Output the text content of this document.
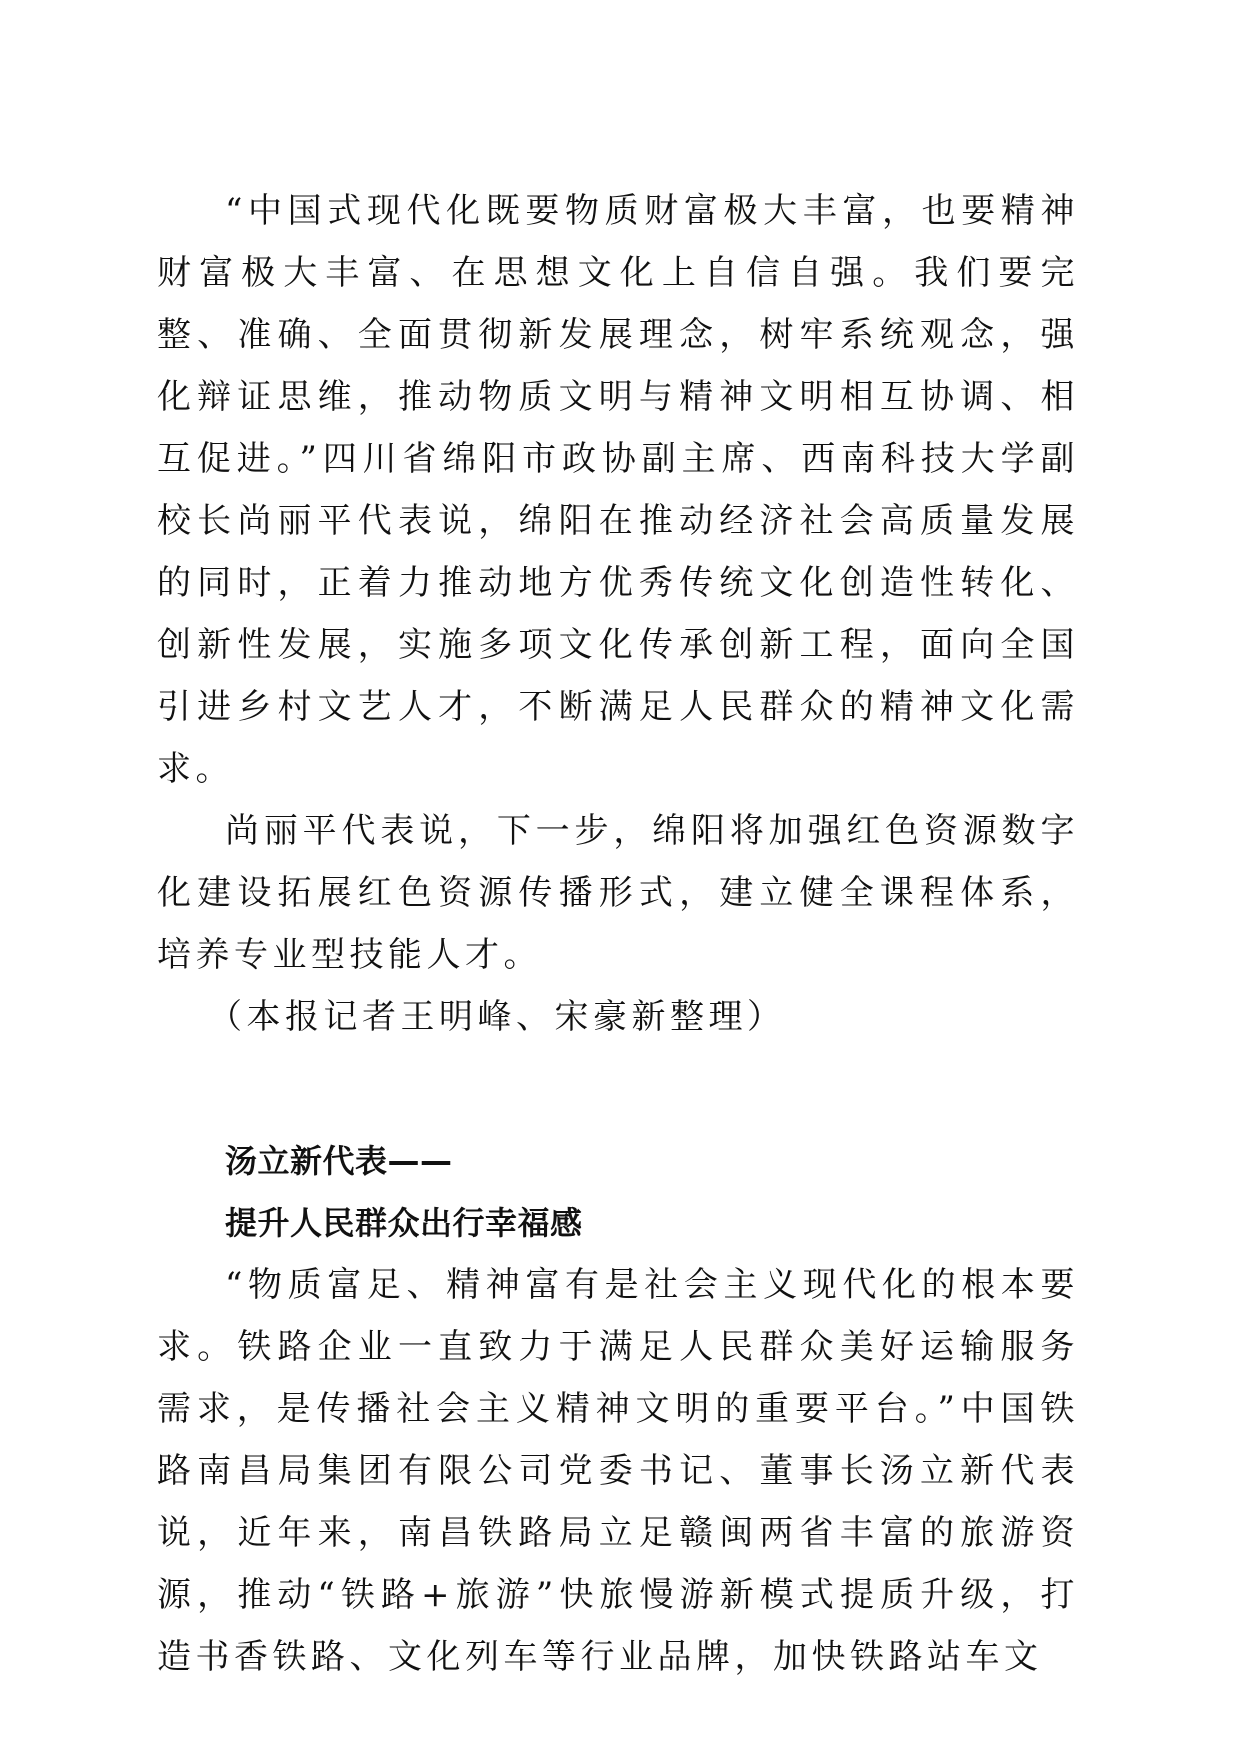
“中国式现代化既要物质财富极大丰富，也要精神财富极大丰富、在思想文化上自信自强。我们要完整、准确、全面贯彻新发展理念，树牢系统观念，强化辩证思维，推动物质文明与精神文明相互协调、相互促进。”四川省绵阳市政协副主席、西南科技大学副校长尚丽平代表说，绵阳在推动经济社会高质量发展的同时，正着力推动地方优秀传统文化创造性转化、创新性发展，实施多项文化传承创新工程，面向全国引进乡村文艺人才，不断满足人民群众的精神文化需求。

尚丽平代表说，下一步，绵阳将加强红色资源数字化建设拓展红色资源传播形式，建立健全课程体系，培养专业型技能人才。

（本报记者王明峰、宋豪新整理）

汤立新代表——

提升人民群众出行幸福感

“物质富足、精神富有是社会主义现代化的根本要求。铁路企业一直致力于满足人民群众美好运输服务需求，是传播社会主义精神文明的重要平台。”中国铁路南昌局集团有限公司党委书记、董事长汤立新代表说，近年来，南昌铁路局立足赣闽两省丰富的旅游资源，推动“铁路+旅游”快旅慢游新模式提质升级，打造书香铁路、文化列车等行业品牌，加快铁路站车文
